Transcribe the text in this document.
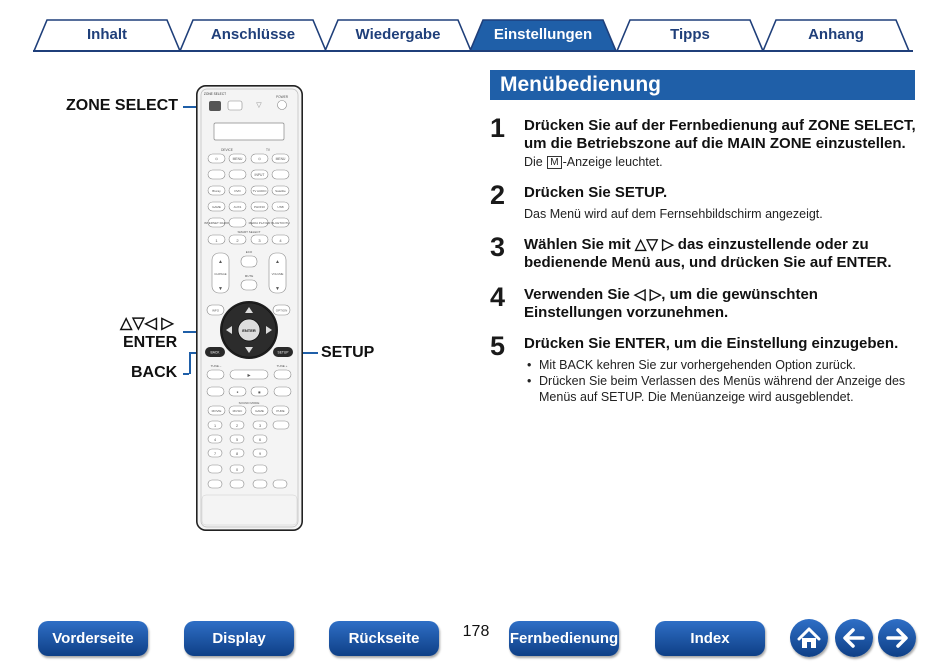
Inhalt	Anschlüsse	Wiedergabe	Einstellungen	Tipps	Anhang
Menübedienung
1	Drücken Sie auf der Fernbedienung auf ZONE SELECT, um die Betriebszone auf die MAIN ZONE einzustellen.
Die M -Anzeige leuchtet.
2	Drücken Sie SETUP.
Das Menü wird auf dem Fernsehbildschirm angezeigt.
3	Wählen Sie mit △▽ ▷ das einzustellende oder zu bedienende Menü aus, und drücken Sie auf ENTER.
4	Verwenden Sie ◁ ▷, um die gewünschten Einstellungen vorzunehmen.
5	Drücken Sie ENTER, um die Einstellung einzugeben.
• Mit BACK kehren Sie zur vorhergehenden Option zurück.
• Drücken Sie beim Verlassen des Menüs während der Anzeige des Menüs auf SETUP. Die Menüanzeige wird ausgeblendet.
ZONE SELECT
△▽◁ ▷
ENTER
BACK
SETUP
ZONE SELECT
▽
POWER
DEVICE	TV
⏻	MENU	⏻	MENU
INPUT
Bluray	DVD	TV AUDIO	Satellite
GAME	AUX1	PHONO	USB
INTERNET RADIO	MEDIA PLAYER BLUETOOTH
SMART SELECT
1	2	3	4
▲
▼
▲
▼
CH/PAGE	VOLUME
ECO
MUTE
INFO	OPTION
ENTER
BACK	SETUP
TUNE –	TUNE +
▶
⏸	■
SOUND MODE
MOVIE	MUSIC	GAME	PURE
1	2	3
4	5	6
7	8	9
0
Vorderseite	Display	Rückseite	178	Fernbedienung	Index
